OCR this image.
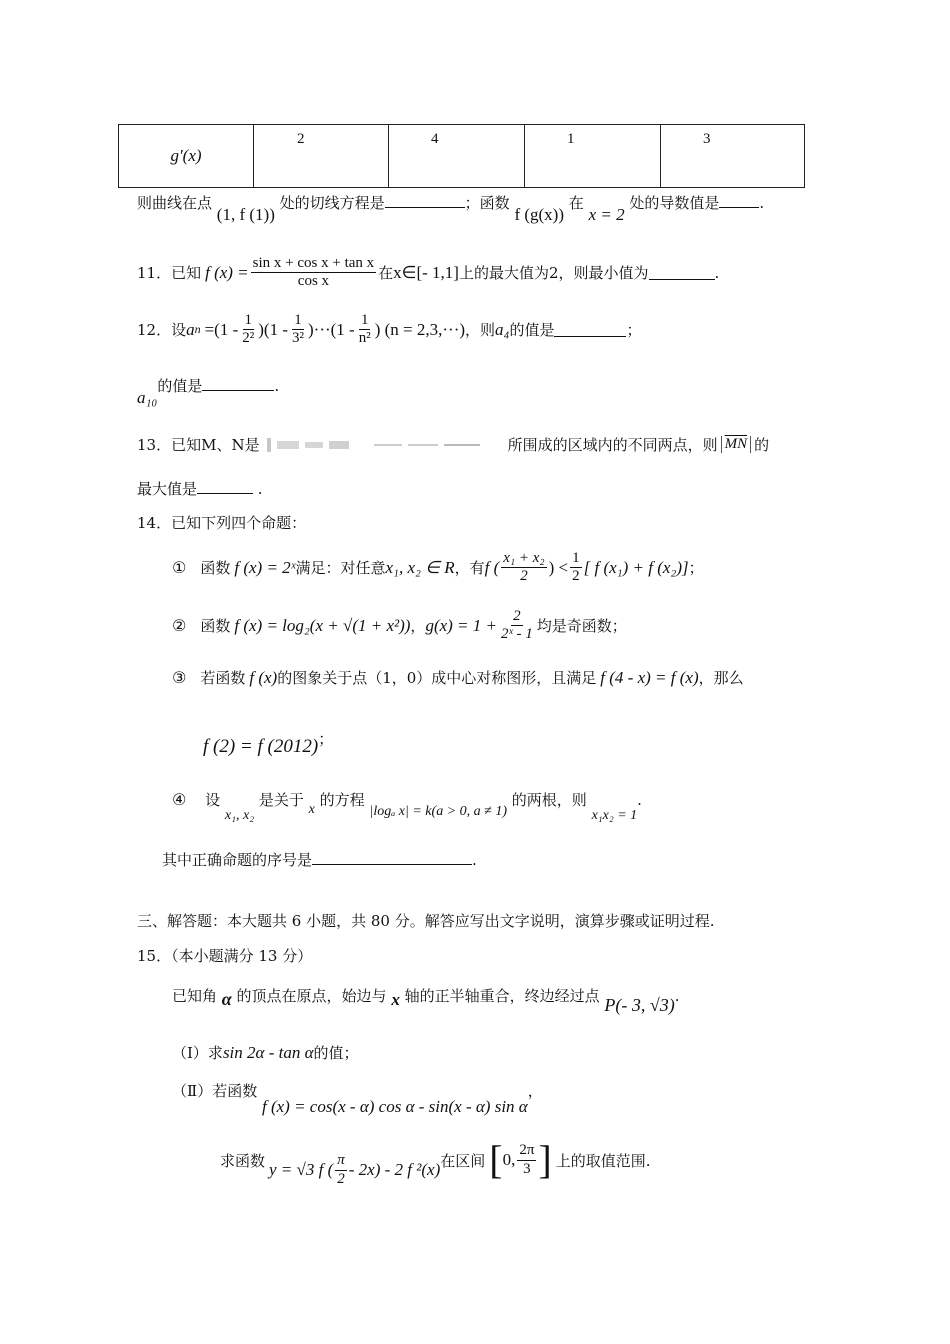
g′(x)	2	4	1	3
则曲线在点 (1, f (1)) 处的切线方程是	；函数 f (g(x)) 在 x = 2 处的导数值是	.
11．已知 f $(x) = \frac{\text{sin x + cos x + tan x}}{\text{cos x}}$ 在 x∈[- 1,1] 上的最大值为2，则最小值为	.
12．设 a $n =(1 - \frac{1}{\text{2²}} )(1 - \frac{1}{\text{3²}} )\cdot\cdot\cdot(1 - \frac{1}{\text{n²}}$ ) (n = 2,3,···) ，则 a₄ 的值是	；
a₁₀的值是	.
13．已知M、N是	所围成的区域内的不同两点，则 $\overline{MN}$ 的
最大值是	.
14．已知下列四个命题：
① 函数 f (x) = 2ˣ 满足：对任意 x₁, x₂ ∈ R ，有 f ( $\frac{\text{x₁ + x₂}}{2}$ ) < $\frac{1}{2}$ [ f (x₁) + f (x₂)] ；
② 函数 f (x) = log₂(x + √(1 + x²)) ， $g(x) = 1 + \frac{2}{\text{2ˣ - 1}}$ 均是奇函数；
③ 若函数 f (x) 的图象关于点（1，0）成中心对称图形，且满足 f (4 - x) = f (x) ，那么
f (2) = f (2012)；
④ 设 x₁, x₂ 是关于 x 的方程 |logₐ x| = k(a > 0, a ≠ 1) 的两根，则 x₁x₂ = 1.
其中正确命题的序号是	.
三、解答题：本大题共 6 小题，共 80 分。解答应写出文字说明，演算步骤或证明过程.
15．（本小题满分 13 分）
已知角 α 的顶点在原点，始边与 x 轴的正半轴重合，终边经过点 P(- 3, √3).
（Ⅰ）求sin 2α - tan α的值；
（Ⅱ）若函数 f (x) = cos(x - α) cos α - sin(x - α) sin α，
求函数 y = √3 f ( $\frac{\pi}{2} - 2x) - 2$ f ²(x) 在区间 [ 0, $\frac{2\pi}{3}$ ] 上的取值范围.
